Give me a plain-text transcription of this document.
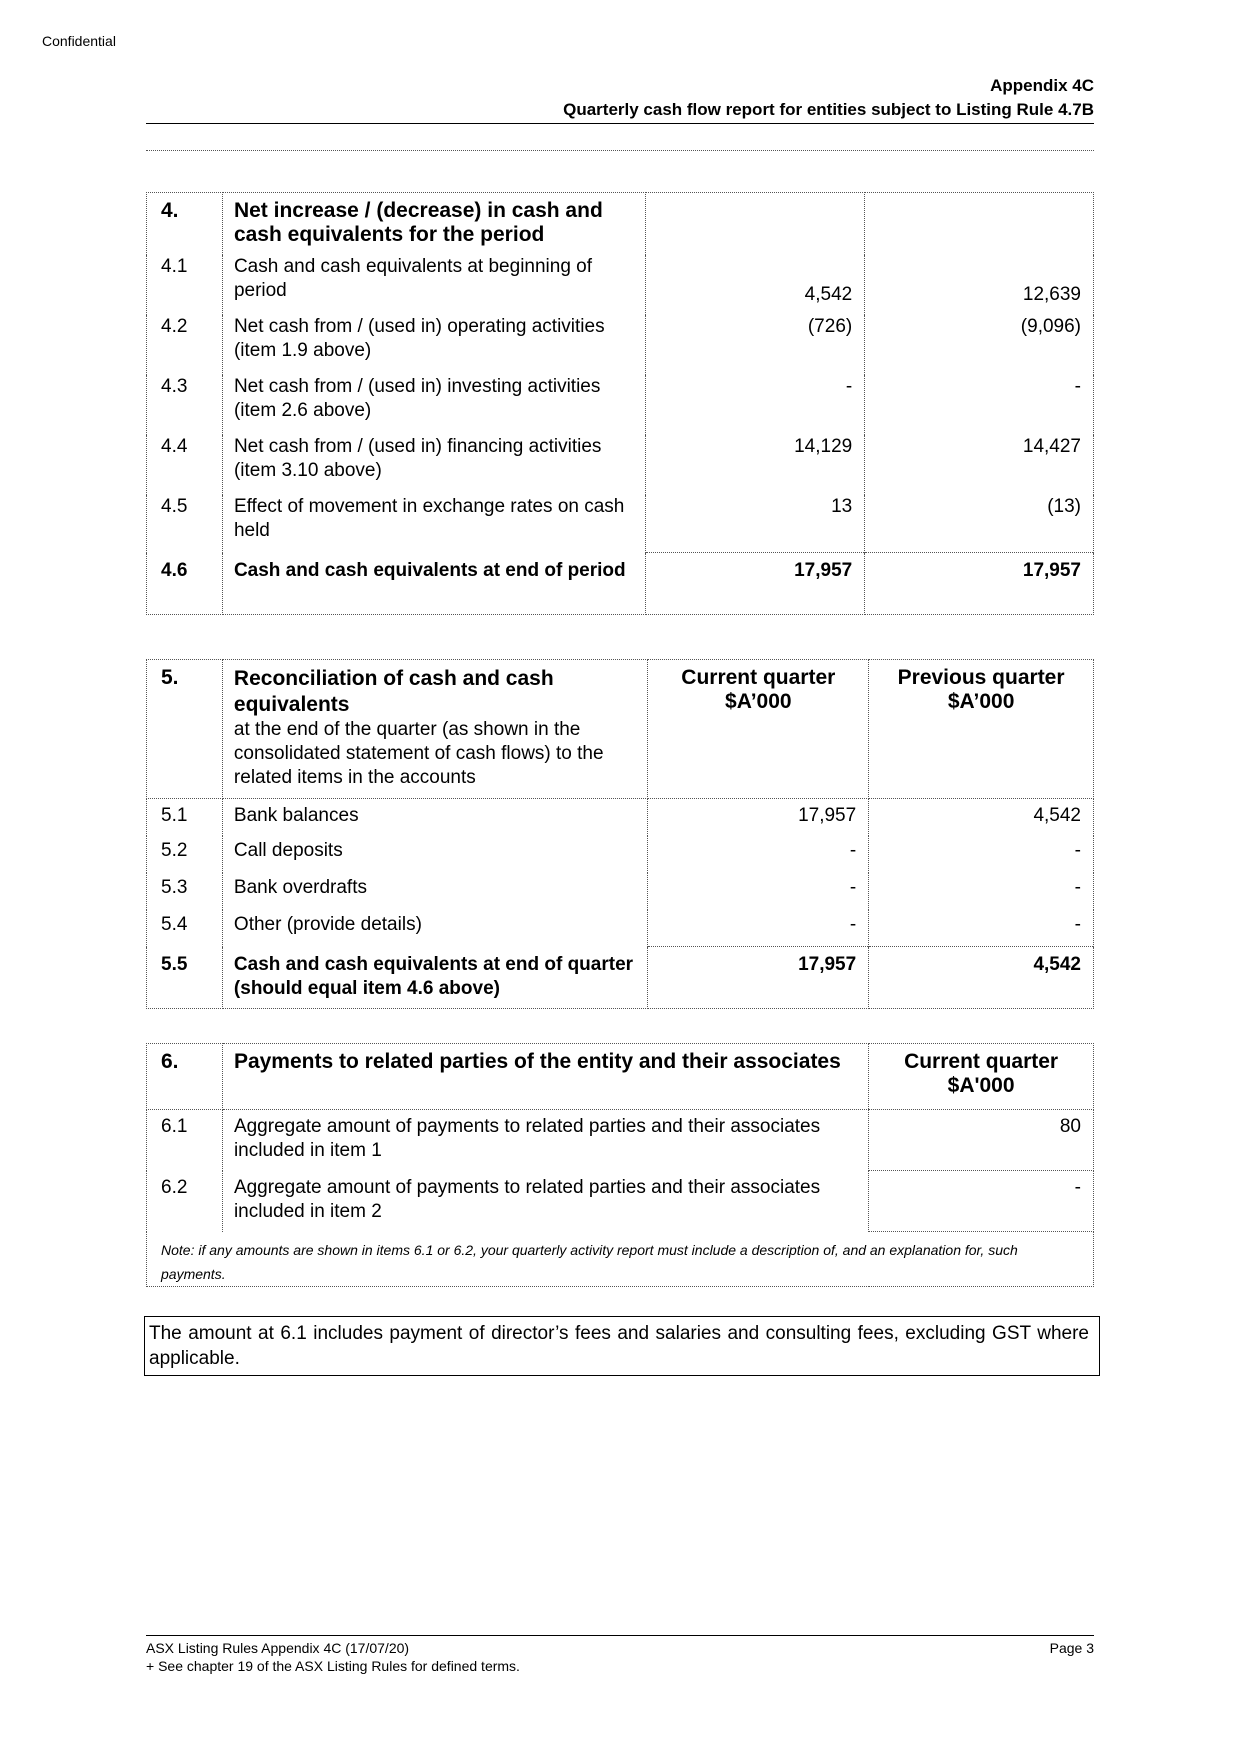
Confidential
Appendix 4C
Quarterly cash flow report for entities subject to Listing Rule 4.7B
4.	Net increase / (decrease) in cash and cash equivalents for the period		
4.1	Cash and cash equivalents at beginning of period	4,542	12,639
4.2	Net cash from / (used in) operating activities (item 1.9 above)	(726)	(9,096)
4.3	Net cash from / (used in) investing activities (item 2.6 above)	-	-
4.4	Net cash from / (used in) financing activities (item 3.10 above)	14,129	14,427
4.5	Effect of movement in exchange rates on cash held	13	(13)
4.6	Cash and cash equivalents at end of period	17,957	17,957
5.	Reconciliation of cash and cash equivalents
at the end of the quarter (as shown in the consolidated statement of cash flows) to the related items in the accounts	Current quarter $A’000	Previous quarter $A’000
5.1	Bank balances	17,957	4,542
5.2	Call deposits	-	-
5.3	Bank overdrafts	-	-
5.4	Other (provide details)	-	-
5.5	Cash and cash equivalents at end of quarter (should equal item 4.6 above)	17,957	4,542
6.	Payments to related parties of the entity and their associates	Current quarter $A'000
6.1	Aggregate amount of payments to related parties and their associates included in item 1	80
6.2	Aggregate amount of payments to related parties and their associates included in item 2	-
Note: if any amounts are shown in items 6.1 or 6.2, your quarterly activity report must include a description of, and an explanation for, such payments.		
The amount at 6.1 includes payment of director’s fees and salaries and consulting fees, excluding GST where applicable.
ASX Listing Rules Appendix 4C (17/07/20)
+ See chapter 19 of the ASX Listing Rules for defined terms.
Page 3
